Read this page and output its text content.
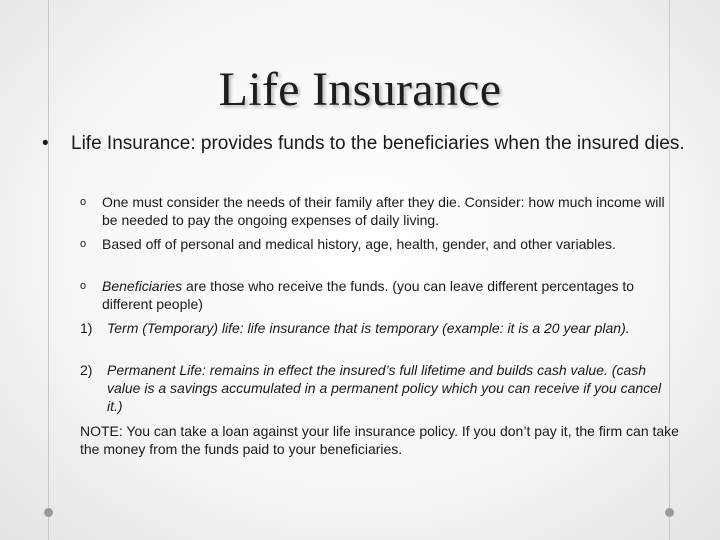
Life Insurance
• Life Insurance: provides funds to the beneficiaries when the insured dies.
o One must consider the needs of their family after they die. Consider: how much income will be needed to pay the ongoing expenses of daily living.
o Based off of personal and medical history, age, health, gender, and other variables.
o Beneficiaries are those who receive the funds. (you can leave different percentages to different people)
1) Term (Temporary) life: life insurance that is temporary (example: it is a 20 year plan).
2) Permanent Life: remains in effect the insured’s full lifetime and builds cash value. (cash value is a savings accumulated in a permanent policy which you can receive if you cancel it.)
NOTE: You can take a loan against your life insurance policy. If you don’t pay it, the firm can take the money from the funds paid to your beneficiaries.
